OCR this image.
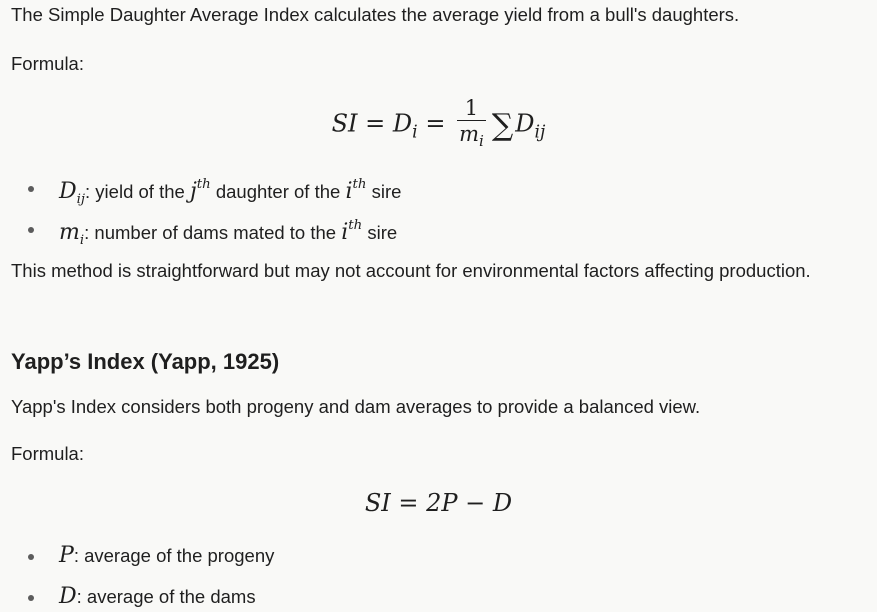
The Simple Daughter Average Index calculates the average yield from a bull's daughters.

Formula:
SI = $D_i = \frac{1}{m_i} \sum D_{ij}$
$D_{ij}$: yield of the $j^{th}$ daughter of the $i^{th}$ sire
$m_i$: number of dams mated to the $i^{th}$ sire

This method is straightforward but may not account for environmental factors affecting production.

Yapp’s Index (Yapp, 1925)

Yapp's Index considers both progeny and dam averages to provide a balanced view.

Formula:
SI = 2P − D
P: average of the progeny
D: average of the dams
